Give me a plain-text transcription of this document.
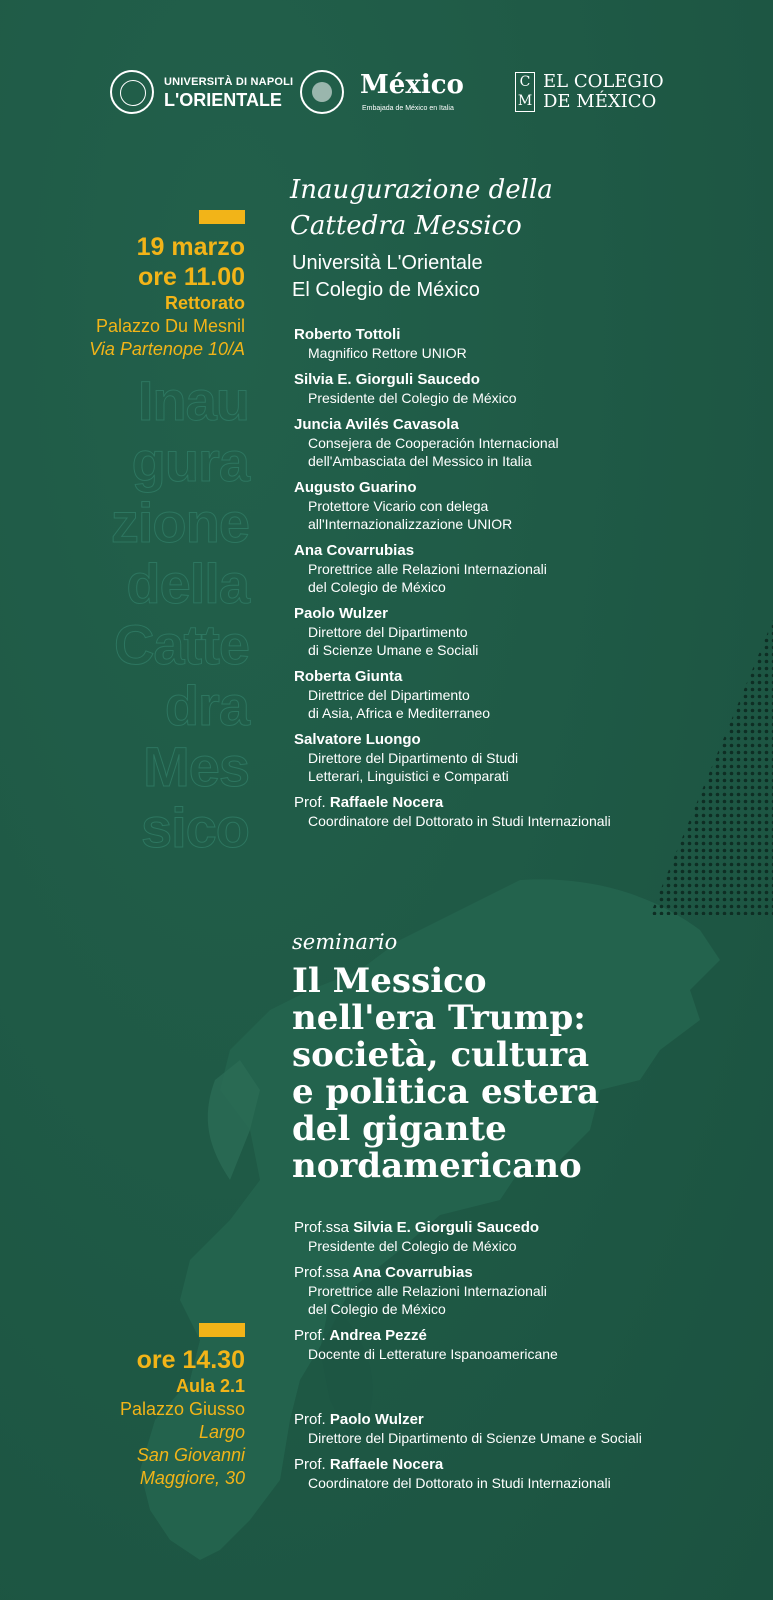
UNIVERSITÀ DI NAPOLI
L'ORIENTALE	México
Embajada de México en Italia
C
M
EL COLEGIO
DE MÉXICO
Inaugurazione della
Cattedra Messico
Università L'Orientale
El Colegio de México
19 marzo
ore 11.00
Rettorato
Palazzo Du Mesnil
Via Partenope 10/A
Inau
gura
zione
della
Catte
dra
Mes
sico
Roberto Tottoli
Magnifico Rettore UNIOR
Silvia E. Giorguli Saucedo
Presidente del Colegio de México
Juncia Avilés Cavasola
Consejera de Cooperación Internacional
dell'Ambasciata del Messico in Italia
Augusto Guarino
Protettore Vicario con delega
all'Internazionalizzazione UNIOR
Ana Covarrubias
Prorettrice alle Relazioni Internazionali
del Colegio de México
Paolo Wulzer
Direttore del Dipartimento
di Scienze Umane e Sociali
Roberta Giunta
Direttrice del Dipartimento
di Asia, Africa e Mediterraneo
Salvatore Luongo
Direttore del Dipartimento di Studi
Letterari, Linguistici e Comparati
Prof. Raffaele Nocera
Coordinatore del Dottorato in Studi Internazionali
seminario
Il Messico
nell'era Trump:
società, cultura
e politica estera
del gigante
nordamericano
Prof.ssa Silvia E. Giorguli Saucedo
Presidente del Colegio de México
Prof.ssa Ana Covarrubias
Prorettrice alle Relazioni Internazionali
del Colegio de México
Prof. Andrea Pezzé
Docente di Letterature Ispanoamericane
ore 14.30
Aula 2.1
Palazzo Giusso
Largo
San Giovanni
Maggiore, 30
Prof. Paolo Wulzer
Direttore del Dipartimento di Scienze Umane e Sociali
Prof. Raffaele Nocera
Coordinatore del Dottorato in Studi Internazionali
